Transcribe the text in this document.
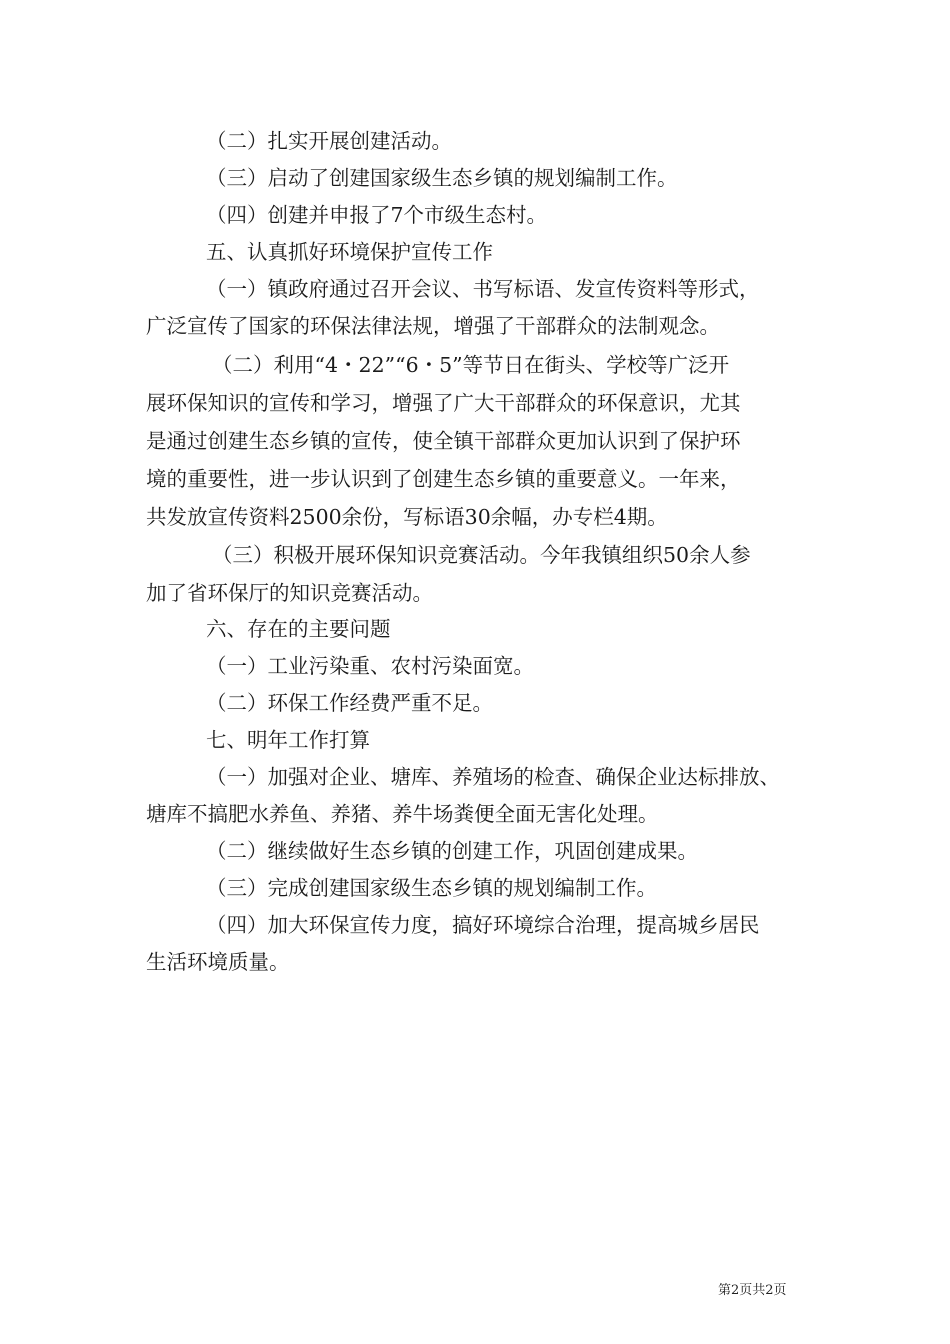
（二）扎实开展创建活动。
（三）启动了创建国家级生态乡镇的规划编制工作。
（四）创建并申报了7个市级生态村。
五、认真抓好环境保护宣传工作
（一）镇政府通过召开会议、书写标语、发宣传资料等形式，
广泛宣传了国家的环保法律法规，增强了干部群众的法制观念。
（二）利用“4・22”“6・5”等节日在街头、学校等广泛开
展环保知识的宣传和学习，增强了广大干部群众的环保意识，尤其
是通过创建生态乡镇的宣传，使全镇干部群众更加认识到了保护环
境的重要性，进一步认识到了创建生态乡镇的重要意义。一年来，
共发放宣传资料2500余份，写标语30余幅，办专栏4期。
（三）积极开展环保知识竞赛活动。今年我镇组织50余人参
加了省环保厅的知识竞赛活动。
六、存在的主要问题
（一）工业污染重、农村污染面宽。
（二）环保工作经费严重不足。
七、明年工作打算
（一）加强对企业、塘库、养殖场的检查、确保企业达标排放、
塘库不搞肥水养鱼、养猪、养牛场粪便全面无害化处理。
（二）继续做好生态乡镇的创建工作，巩固创建成果。
（三）完成创建国家级生态乡镇的规划编制工作。
（四）加大环保宣传力度，搞好环境综合治理，提高城乡居民
生活环境质量。
第2页共2页
